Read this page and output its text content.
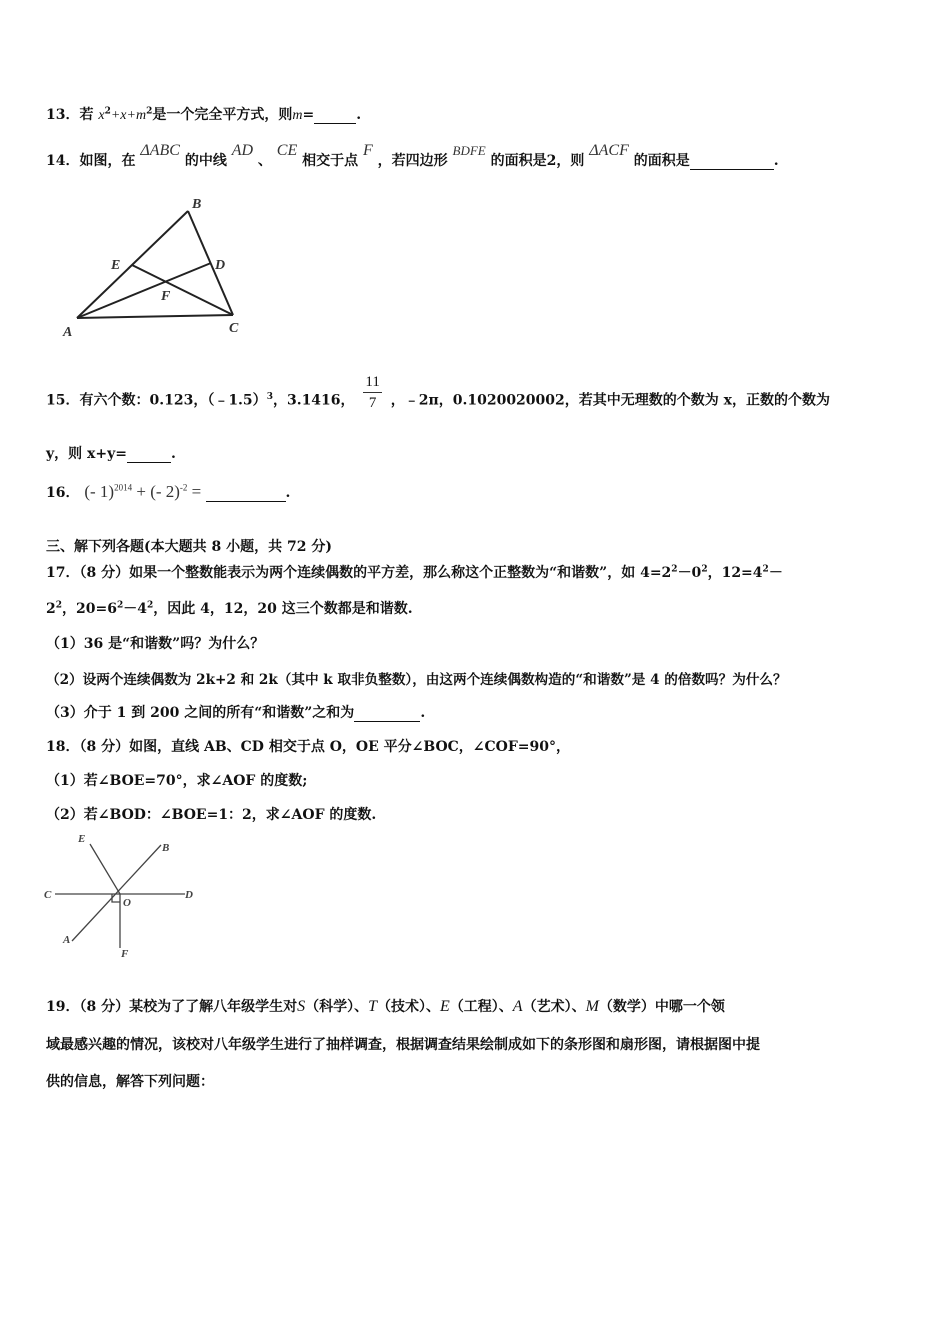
13．若 $x^2+x+m^2$是一个完全平方式，则m=	.
14．如图，在 ΔABC 的中线 AD 、 CE 相交于点 F ，若四边形 BDFE 的面积是2，则 ΔACF 的面积是	.
B
E	D
F
A	C
15．有六个数：0.123，（﹣1.5）$^3$，3.1416， $\frac{11}{7}$ ，﹣2π，0.1020020002，若其中无理数的个数为 x，正数的个数为
y，则 x+y=	.
16． (- 1)$^{2014}$ + (- 2)$^{-2}$ =	.
三、解下列各题(本大题共 8 小题，共 72 分)
17．（8 分）如果一个整数能表示为两个连续偶数的平方差，那么称这个正整数为“和谐数”，如 $4=2^2-0^2$，$12=4^2-$
$2^2$，$20=6^2-4^2$，因此 4，12，20 这三个数都是和谐数.
（1）36 是“和谐数”吗？为什么？
（2）设两个连续偶数为 2k+2 和 2k（其中 k 取非负整数），由这两个连续偶数构造的“和谐数”是 4 的倍数吗？为什么？
（3）介于 1 到 200 之间的所有“和谐数”之和为	.
18．（8 分）如图，直线 AB、CD 相交于点 O，OE 平分∠BOC，∠COF=90°，
（1）若∠BOE=70°，求∠AOF 的度数;
（2）若∠BOD：∠BOE=1：2，求∠AOF 的度数.
E
B
C
O
D
A
F
19．（8 分）某校为了了解八年级学生对S（科学）、T（技术）、E（工程）、A（艺术）、M（数学）中哪一个领
域最感兴趣的情况，该校对八年级学生进行了抽样调查，根据调查结果绘制成如下的条形图和扇形图，请根据图中提
供的信息，解答下列问题：
